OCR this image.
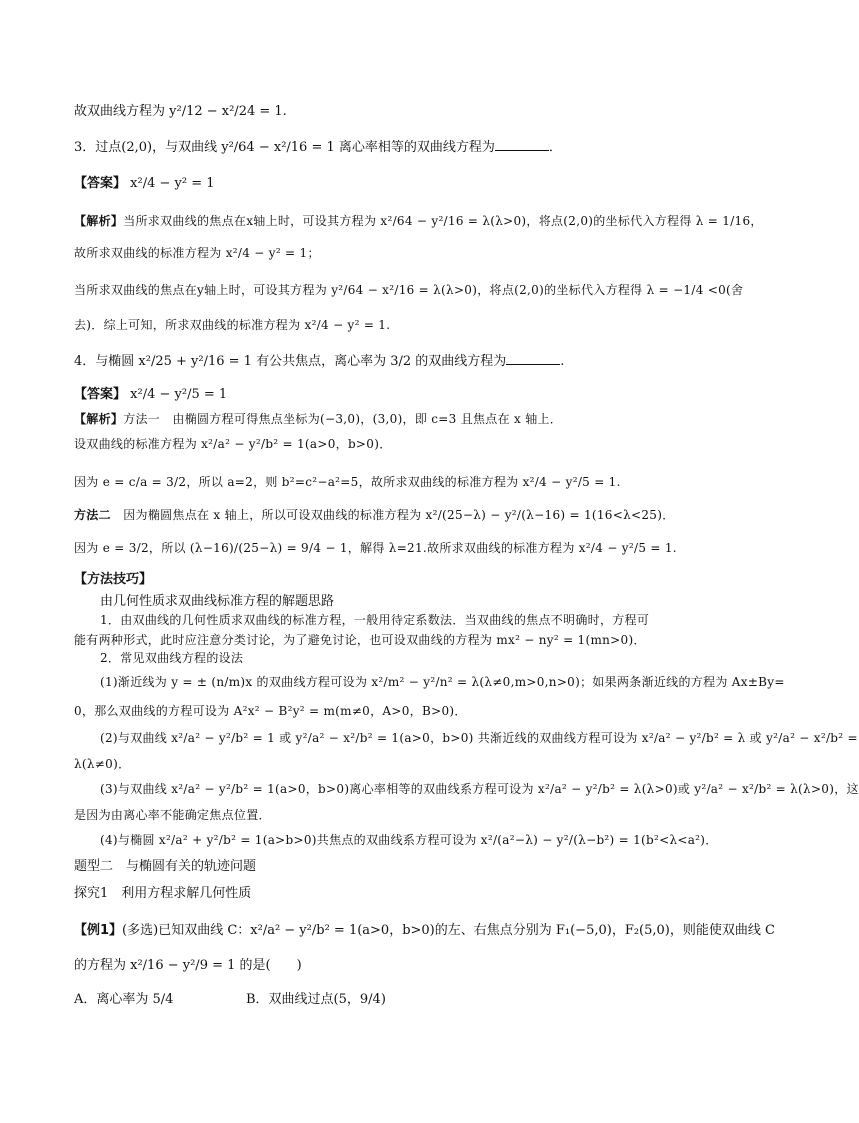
故双曲线方程为 y²/12 − x²/24 = 1.
3．过点(2,0)，与双曲线 y²/64 − x²/16 = 1 离心率相等的双曲线方程为	．
【答案】 x²/4 − y² = 1
【解析】当所求双曲线的焦点在x轴上时，可设其方程为 x²/64 − y²/16 = λ(λ>0)，将点(2,0)的坐标代入方程得 λ = 1/16，
故所求双曲线的标准方程为 x²/4 − y² = 1；
当所求双曲线的焦点在y轴上时，可设其方程为 y²/64 − x²/16 = λ(λ>0)，将点(2,0)的坐标代入方程得 λ = −1/4 <0(舍
去)．综上可知，所求双曲线的标准方程为 x²/4 − y² = 1.
4．与椭圆 x²/25 + y²/16 = 1 有公共焦点，离心率为 3/2 的双曲线方程为	.
【答案】 x²/4 − y²/5 = 1
【解析】方法一　由椭圆方程可得焦点坐标为(−3,0)，(3,0)，即 c=3 且焦点在 x 轴上．
设双曲线的标准方程为 x²/a² − y²/b² = 1(a>0，b>0)．
因为 e = c/a = 3/2，所以 a=2，则 b²=c²−a²=5，故所求双曲线的标准方程为 x²/4 − y²/5 = 1.
方法二　 因为椭圆焦点在 x 轴上，所以可设双曲线的标准方程为 x²/(25−λ) − y²/(λ−16) = 1(16<λ<25)．
因为 e = 3/2，所以 (λ−16)/(25−λ) = 9/4 − 1，解得 λ=21.故所求双曲线的标准方程为 x²/4 − y²/5 = 1.
【方法技巧】
由几何性质求双曲线标准方程的解题思路
1．由双曲线的几何性质求双曲线的标准方程，一般用待定系数法．当双曲线的焦点不明确时，方程可
能有两种形式，此时应注意分类讨论，为了避免讨论，也可设双曲线的方程为 mx² − ny² = 1(mn>0)．
2．常见双曲线方程的设法
(1)渐近线为 y = ± (n/m)x 的双曲线方程可设为 x²/m² − y²/n² = λ(λ≠0,m>0,n>0)；如果两条渐近线的方程为 Ax±By=
0，那么双曲线的方程可设为 A²x² − B²y² = m(m≠0，A>0，B>0)．
(2)与双曲线 x²/a² − y²/b² = 1 或 y²/a² − x²/b² = 1(a>0，b>0) 共渐近线的双曲线方程可设为 x²/a² − y²/b² = λ 或 y²/a² − x²/b² =
λ(λ≠0)．
(3)与双曲线 x²/a² − y²/b² = 1(a>0，b>0)离心率相等的双曲线系方程可设为 x²/a² − y²/b² = λ(λ>0)或 y²/a² − x²/b² = λ(λ>0)，这
是因为由离心率不能确定焦点位置．
(4)与椭圆 x²/a² + y²/b² = 1(a>b>0)共焦点的双曲线系方程可设为 x²/(a²−λ) − y²/(λ−b²) = 1(b²<λ<a²)．
题型二　与椭圆有关的轨迹问题
探究1　利用方程求解几何性质
【例1】(多选)已知双曲线 C：x²/a² − y²/b² = 1(a>0，b>0)的左、右焦点分别为 F₁(−5,0)，F₂(5,0)，则能使双曲线 C
的方程为 x²/16 − y²/9 = 1 的是(　　)
A．离心率为 5/4	B．双曲线过点(5，9/4)
